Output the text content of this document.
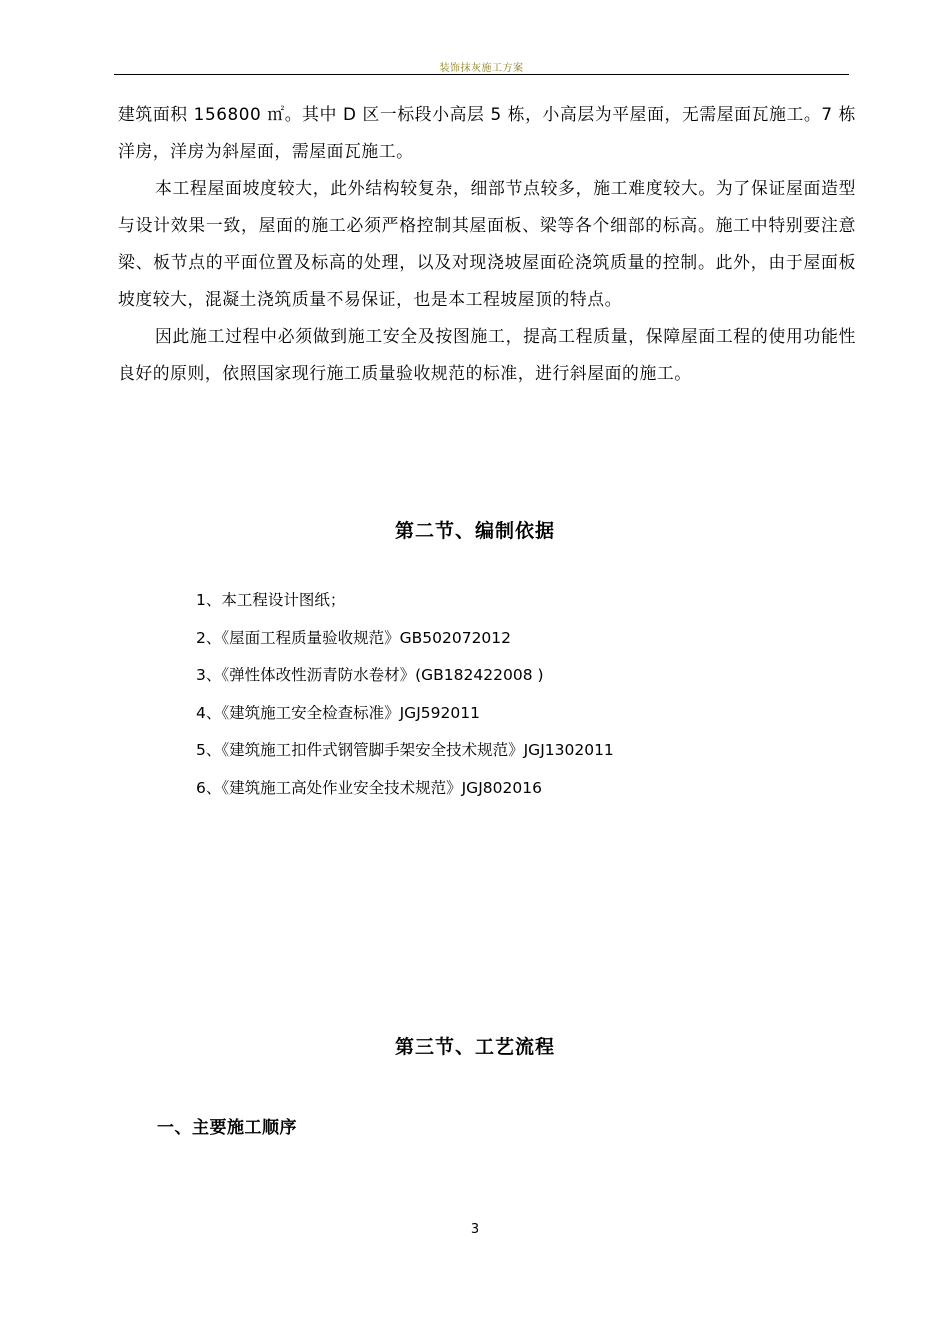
装饰抹灰施工方案

建筑面积 156800 ㎡。其中 D 区一标段小高层 5 栋，小高层为平屋面，无需屋面瓦施工。7 栋洋房，洋房为斜屋面，需屋面瓦施工。

本工程屋面坡度较大，此外结构较复杂，细部节点较多，施工难度较大。为了保证屋面造型与设计效果一致，屋面的施工必须严格控制其屋面板、梁等各个细部的标高。施工中特别要注意梁、板节点的平面位置及标高的处理，以及对现浇坡屋面砼浇筑质量的控制。此外，由于屋面板坡度较大，混凝土浇筑质量不易保证，也是本工程坡屋顶的特点。

因此施工过程中必须做到施工安全及按图施工，提高工程质量，保障屋面工程的使用功能性良好的原则，依照国家现行施工质量验收规范的标准，进行斜屋面的施工。

第二节、编制依据
1、本工程设计图纸；
2、《屋面工程质量验收规范》GB502072012
3、《弹性体改性沥青防水卷材》(GB182422008 )
4、《建筑施工安全检查标准》JGJ592011
5、《建筑施工扣件式钢管脚手架安全技术规范》JGJ1302011
6、《建筑施工高处作业安全技术规范》JGJ802016
第三节、工艺流程
一、主要施工顺序
3
